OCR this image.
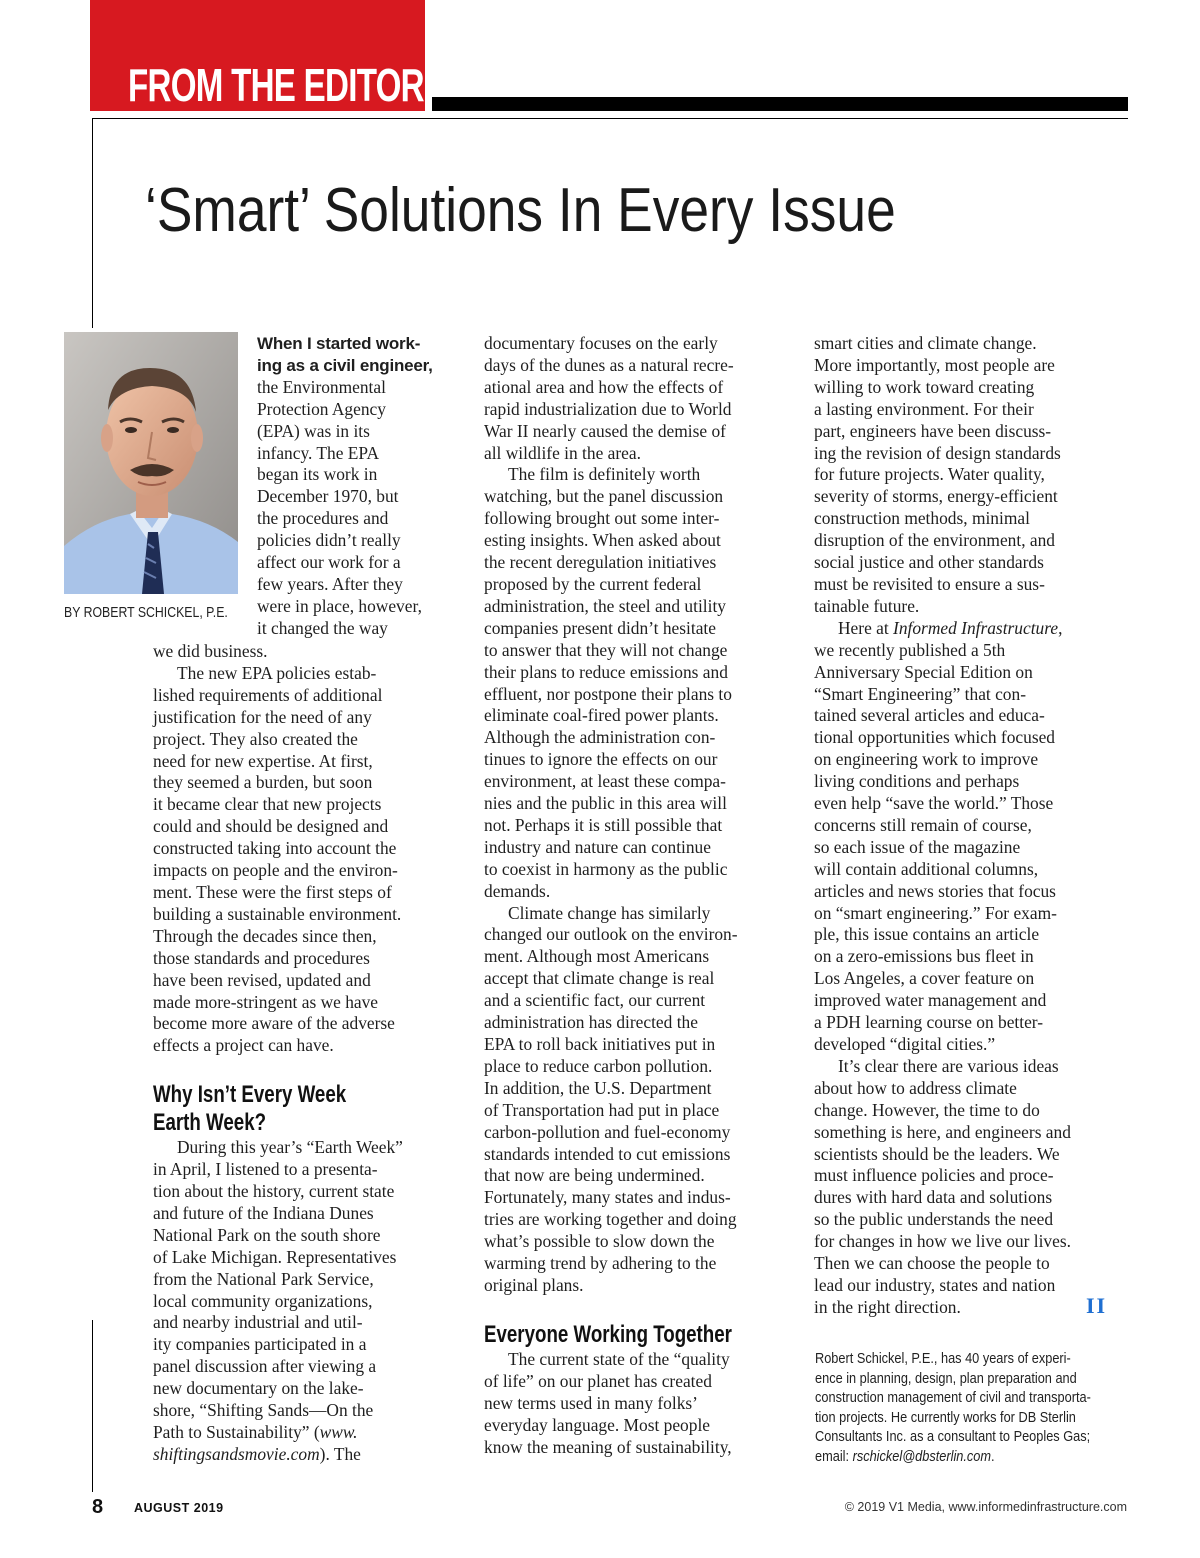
FROM THE EDITOR
‘Smart’ Solutions In Every Issue
BY ROBERT SCHICKEL, P.E.
When I started work-
ing as a civil engineer,
the Environmental
Protection Agency
(EPA) was in its
infancy. The EPA
began its work in
December 1970, but
the procedures and
policies didn’t really
affect our work for a
few years. After they
were in place, however,
it changed the way
we did business.
The new EPA policies estab-
lished requirements of additional
justification for the need of any
project. They also created the
need for new expertise. At first,
they seemed a burden, but soon
it became clear that new projects
could and should be designed and
constructed taking into account the
impacts on people and the environ-
ment. These were the first steps of
building a sustainable environment.
Through the decades since then,
those standards and procedures
have been revised, updated and
made more-stringent as we have
become more aware of the adverse
effects a project can have.
Why Isn’t Every Week
Earth Week?
During this year’s “Earth Week”
in April, I listened to a presenta-
tion about the history, current state
and future of the Indiana Dunes
National Park on the south shore
of Lake Michigan. Representatives
from the National Park Service,
local community organizations,
and nearby industrial and util-
ity companies participated in a
panel discussion after viewing a
new documentary on the lake-
shore, “Shifting Sands—On the
Path to Sustainability” (www.
shiftingsandsmovie.com). The
documentary focuses on the early
days of the dunes as a natural recre-
ational area and how the effects of
rapid industrialization due to World
War II nearly caused the demise of
all wildlife in the area.
The film is definitely worth
watching, but the panel discussion
following brought out some inter-
esting insights. When asked about
the recent deregulation initiatives
proposed by the current federal
administration, the steel and utility
companies present didn’t hesitate
to answer that they will not change
their plans to reduce emissions and
effluent, nor postpone their plans to
eliminate coal-fired power plants.
Although the administration con-
tinues to ignore the effects on our
environment, at least these compa-
nies and the public in this area will
not. Perhaps it is still possible that
industry and nature can continue
to coexist in harmony as the public
demands.
Climate change has similarly
changed our outlook on the environ-
ment. Although most Americans
accept that climate change is real
and a scientific fact, our current
administration has directed the
EPA to roll back initiatives put in
place to reduce carbon pollution.
In addition, the U.S. Department
of Transportation had put in place
carbon-pollution and fuel-economy
standards intended to cut emissions
that now are being undermined.
Fortunately, many states and indus-
tries are working together and doing
what’s possible to slow down the
warming trend by adhering to the
original plans.
Everyone Working Together
The current state of the “quality
of life” on our planet has created
new terms used in many folks’
everyday language. Most people
know the meaning of sustainability,
smart cities and climate change.
More importantly, most people are
willing to work toward creating
a lasting environment. For their
part, engineers have been discuss-
ing the revision of design standards
for future projects. Water quality,
severity of storms, energy-efficient
construction methods, minimal
disruption of the environment, and
social justice and other standards
must be revisited to ensure a sus-
tainable future.
Here at Informed Infrastructure,
we recently published a 5th
Anniversary Special Edition on
“Smart Engineering” that con-
tained several articles and educa-
tional opportunities which focused
on engineering work to improve
living conditions and perhaps
even help “save the world.” Those
concerns still remain of course,
so each issue of the magazine
will contain additional columns,
articles and news stories that focus
on “smart engineering.” For exam-
ple, this issue contains an article
on a zero-emissions bus fleet in
Los Angeles, a cover feature on
improved water management and
a PDH learning course on better-
developed “digital cities.”
It’s clear there are various ideas
about how to address climate
change. However, the time to do
something is here, and engineers and
scientists should be the leaders. We
must influence policies and proce-
dures with hard data and solutions
so the public understands the need
for changes in how we live our lives.
Then we can choose the people to
lead our industry, states and nation
in the right direction.	II
Robert Schickel, P.E., has 40 years of experi-
ence in planning, design, plan preparation and
construction management of civil and transporta-
tion projects. He currently works for DB Sterlin
Consultants Inc. as a consultant to Peoples Gas;
email: rschickel@dbsterlin.com.
8 AUGUST 2019	© 2019 V1 Media, www.informedinfrastructure.com
